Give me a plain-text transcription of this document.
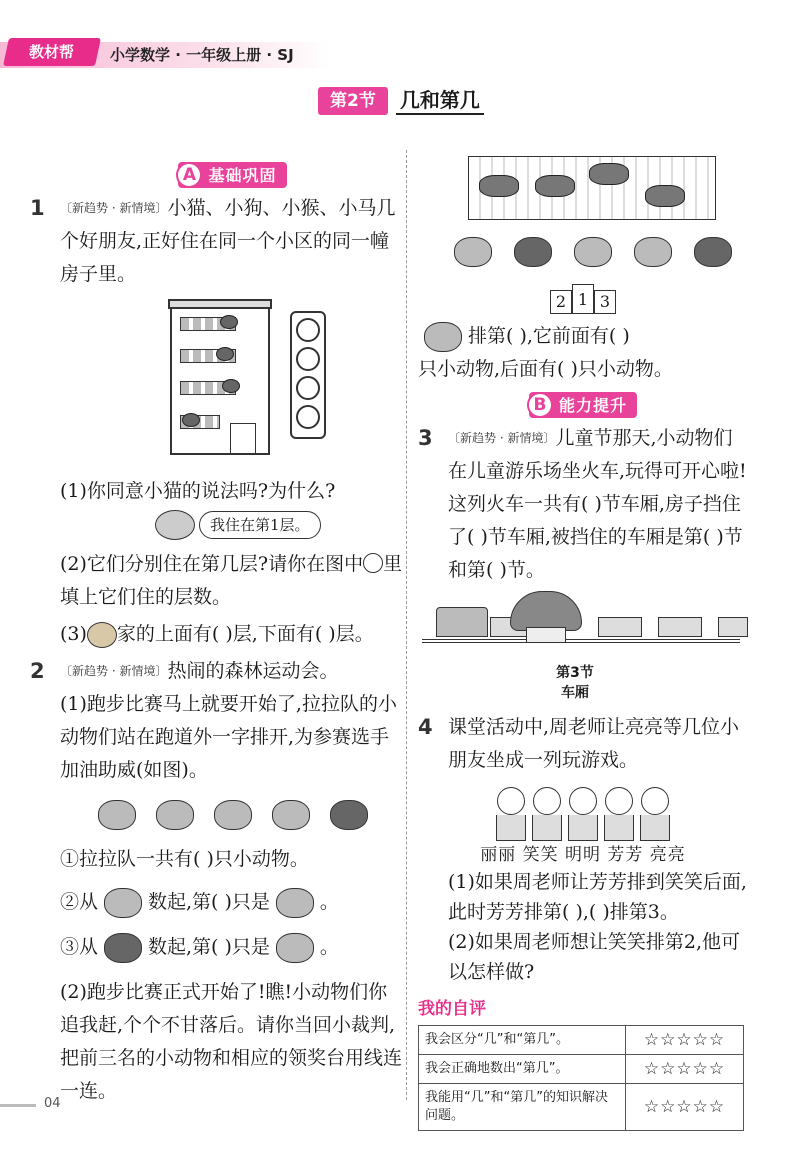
教材帮	小学数学 · 一年级上册 · SJ
第2节	几和第几
A 基础巩固
1 〔新趋势 · 新情境〕小猫、小狗、小猴、小马几个好朋友,正好住在同一个小区的同一幢房子里。
(1)你同意小猫的说法吗?为什么?
我住在第1层。
(2)它们分别住在第几层?请你在图中 里填上它们住的层数。
(3) 家的上面有( )层,下面有( )层。
2 〔新趋势 · 新情境〕热闹的森林运动会。
(1)跑步比赛马上就要开始了,拉拉队的小动物们站在跑道外一字排开,为参赛选手加油助威(如图)。
①拉拉队一共有( )只小动物。
②从	数起,第( )只是	。
③从	数起,第( )只是	。
(2)跑步比赛正式开始了!瞧!小动物们你追我赶,个个不甘落后。请你当回小裁判,把前三名的小动物和相应的领奖台用线连一连。
2 1 3
排第( ),它前面有( )
只小动物,后面有( )只小动物。
B 能力提升
3 〔新趋势 · 新情境〕儿童节那天,小动物们在儿童游乐场坐火车,玩得可开心啦!这列火车一共有( )节车厢,房子挡住了( )节车厢,被挡住的车厢是第( )节和第( )节。
第3节
车厢
4 课堂活动中,周老师让亮亮等几位小朋友坐成一列玩游戏。
丽丽 笑笑 明明 芳芳 亮亮
(1)如果周老师让芳芳排到笑笑后面,此时芳芳排第( ),( )排第3。
(2)如果周老师想让笑笑排第2,他可以怎样做?
我的自评
我会区分“几”和“第几”。	☆☆☆☆☆
我会正确地数出“第几”。	☆☆☆☆☆
我能用“几”和“第几”的知识解决问题。	☆☆☆☆☆
04
